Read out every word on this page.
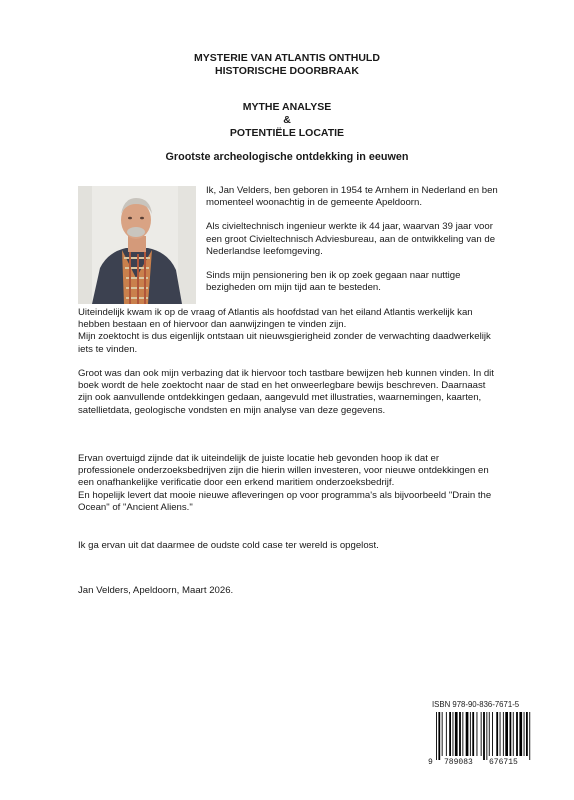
MYSTERIE VAN ATLANTIS ONTHULD
HISTORISCHE DOORBRAAK
MYTHE ANALYSE
&
POTENTIËLE LOCATIE
Grootste archeologische ontdekking in eeuwen

Ik, Jan Velders, ben geboren in 1954 te Arnhem in Nederland en ben momenteel woonachtig in de gemeente Apeldoorn.

Als civieltechnisch ingenieur werkte ik 44 jaar, waarvan 39 jaar voor een groot Civieltechnisch Adviesbureau, aan de ontwikkeling van de Nederlandse leefomgeving.

Sinds mijn pensionering ben ik op zoek gegaan naar nuttige bezigheden om mijn tijd aan te besteden.

Uiteindelijk kwam ik op de vraag of Atlantis als hoofdstad van het eiland Atlantis werkelijk kan hebben bestaan en of hiervoor dan aanwijzingen te vinden zijn.
Mijn zoektocht is dus eigenlijk ontstaan uit nieuwsgierigheid zonder de verwachting daadwerkelijk iets te vinden.

Groot was dan ook mijn verbazing dat ik hiervoor toch tastbare bewijzen heb kunnen vinden. In dit boek wordt de hele zoektocht naar de stad en het onweerlegbare bewijs beschreven. Daarnaast zijn ook aanvullende ontdekkingen gedaan, aangevuld met illustraties, waarnemingen, kaarten, satellietdata, geologische vondsten en mijn analyse van deze gegevens.

Ervan overtuigd zijnde dat ik uiteindelijk de juiste locatie heb gevonden hoop ik dat er professionele onderzoeksbedrijven zijn die hierin willen investeren, voor nieuwe ontdekkingen en een onafhankelijke verificatie door een erkend maritiem onderzoeksbedrijf.
En hopelijk levert dat mooie nieuwe afleveringen op voor programma's als bijvoorbeeld "Drain the Ocean" of "Ancient Aliens."

Ik ga ervan uit dat daarmee de oudste cold case ter wereld is opgelost.

Jan Velders, Apeldoorn, Maart 2026.

ISBN 978-90-836-7671-5
9 789083 676715
